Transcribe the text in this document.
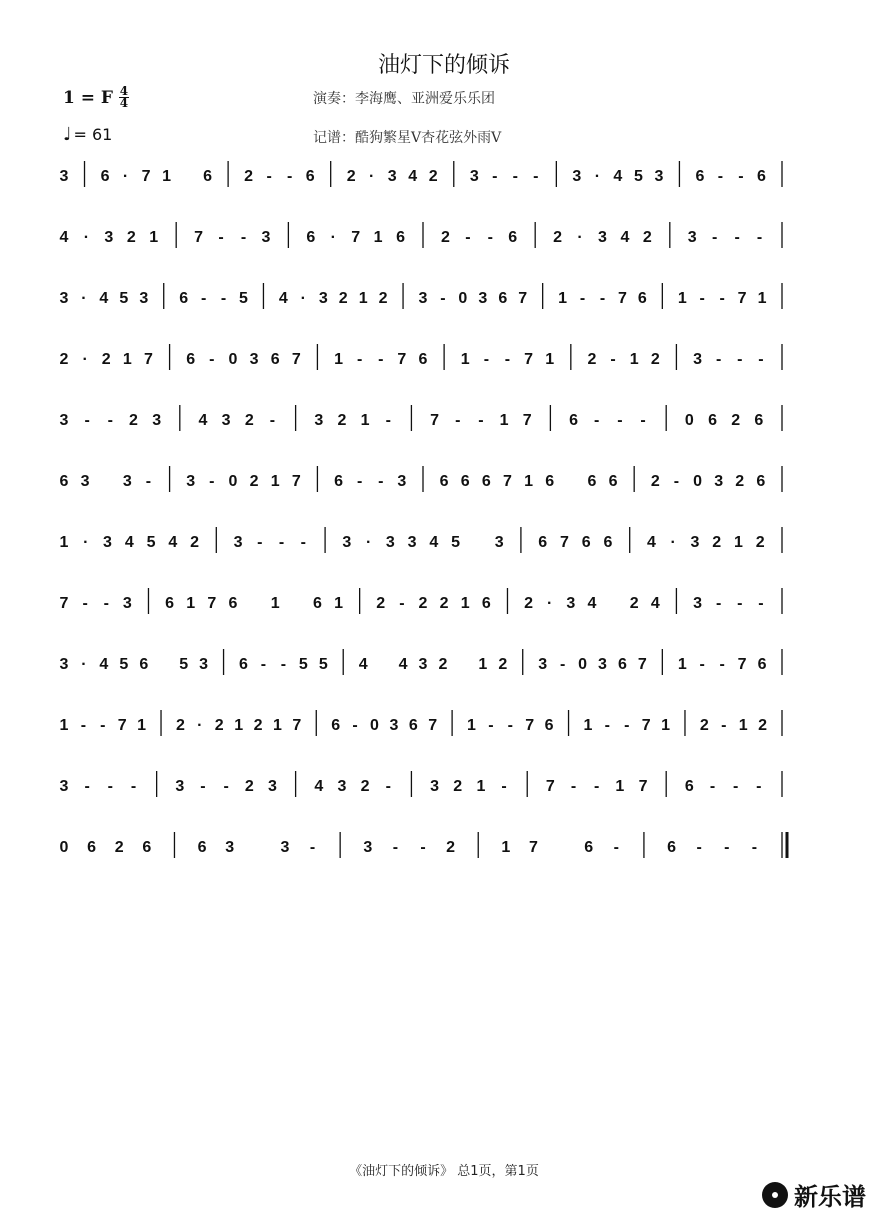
油灯下的倾诉
1 = F $\frac{4}{4}$
♩ = 61
演奏：李海鹰、亚洲爱乐乐团
记谱：酷狗繁星V杏花弦外雨V
3 6 · 7 1 6 2 - - 6 2 · 3 4 2 3 - - - 3 · 4 5 3 6 - - 6
4 · 3 2 1 7 - - 3 6 · 7 1 6 2 - - 6 2 · 3 4 2 3 - - -
3 · 4 5 3 6 - - 5 4 · 3 2 1 2 3 - 0 3 6 7 1 - - 7 6 1 - - 7 1
2 · 2 1 7 6 - 0 3 6 7 1 - - 7 6 1 - - 7 1 2 - 1 2 3 - - -
3 - - 2 3 4 3 2 - 3 2 1 - 7 - - 1 7 6 - - - 0 6 2 6
6 3 3 - 3 - 0 2 1 7 6 - - 3 6 6 6 7 1 6 6 6 2 - 0 3 2 6
1 · 3 4 5 4 2 3 - - - 3 · 3 3 4 5 3 6 7 6 6 4 · 3 2 1 2
7 - - 3 6 1 7 6 1 6 1 2 - 2 2 1 6 2 · 3 4 2 4 3 - - -
3 · 4 5 6 5 3 6 - - 5 5 4 4 3 2 1 2 3 - 0 3 6 7 1 - - 7 6
1 - - 7 1 2 · 2 1 2 1 7 6 - 0 3 6 7 1 - - 7 6 1 - - 7 1 2 - 1 2
3 - - - 3 - - 2 3 4 3 2 - 3 2 1 - 7 - - 1 7 6 - - -
0 6 2 6	6 3	3 -	3 - - 2	1 7	6 -	6 - - -
《油灯下的倾诉》 总1页，第1页
新乐谱
